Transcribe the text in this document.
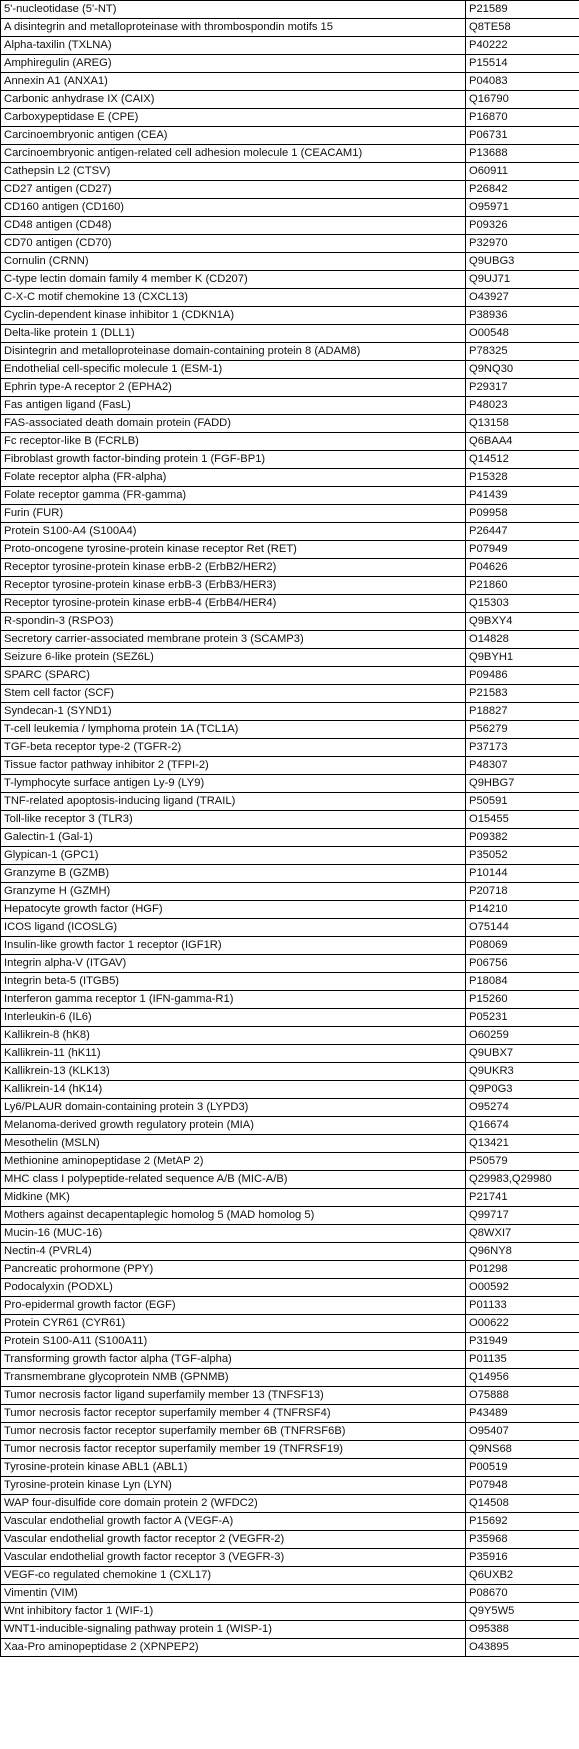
5'-nucleotidase (5'-NT)	P21589
A disintegrin and metalloproteinase with thrombospondin motifs 15	Q8TE58
Alpha-taxilin (TXLNA)	P40222
Amphiregulin (AREG)	P15514
Annexin A1 (ANXA1)	P04083
Carbonic anhydrase IX (CAIX)	Q16790
Carboxypeptidase E (CPE)	P16870
Carcinoembryonic antigen (CEA)	P06731
Carcinoembryonic antigen-related cell adhesion molecule 1 (CEACAM1)	P13688
Cathepsin L2 (CTSV)	O60911
CD27 antigen (CD27)	P26842
CD160 antigen (CD160)	O95971
CD48 antigen (CD48)	P09326
CD70 antigen (CD70)	P32970
Cornulin (CRNN)	Q9UBG3
C-type lectin domain family 4 member K (CD207)	Q9UJ71
C-X-C motif chemokine 13 (CXCL13)	O43927
Cyclin-dependent kinase inhibitor 1 (CDKN1A)	P38936
Delta-like protein 1 (DLL1)	O00548
Disintegrin and metalloproteinase domain-containing protein 8 (ADAM8)	P78325
Endothelial cell-specific molecule 1 (ESM-1)	Q9NQ30
Ephrin type-A receptor 2 (EPHA2)	P29317
Fas antigen ligand (FasL)	P48023
FAS-associated death domain protein (FADD)	Q13158
Fc receptor-like B (FCRLB)	Q6BAA4
Fibroblast growth factor-binding protein 1 (FGF-BP1)	Q14512
Folate receptor alpha (FR-alpha)	P15328
Folate receptor gamma (FR-gamma)	P41439
Furin (FUR)	P09958
Protein S100-A4 (S100A4)	P26447
Proto-oncogene tyrosine-protein kinase receptor Ret (RET)	P07949
Receptor tyrosine-protein kinase erbB-2 (ErbB2/HER2)	P04626
Receptor tyrosine-protein kinase erbB-3 (ErbB3/HER3)	P21860
Receptor tyrosine-protein kinase erbB-4 (ErbB4/HER4)	Q15303
R-spondin-3 (RSPO3)	Q9BXY4
Secretory carrier-associated membrane protein 3 (SCAMP3)	O14828
Seizure 6-like protein (SEZ6L)	Q9BYH1
SPARC (SPARC)	P09486
Stem cell factor (SCF)	P21583
Syndecan-1 (SYND1)	P18827
T-cell leukemia / lymphoma protein 1A (TCL1A)	P56279
TGF-beta receptor type-2 (TGFR-2)	P37173
Tissue factor pathway inhibitor 2 (TFPI-2)	P48307
T-lymphocyte surface antigen Ly-9 (LY9)	Q9HBG7
TNF-related apoptosis-inducing ligand (TRAIL)	P50591
Toll-like receptor 3 (TLR3)	O15455
Galectin-1 (Gal-1)	P09382
Glypican-1 (GPC1)	P35052
Granzyme B (GZMB)	P10144
Granzyme H (GZMH)	P20718
Hepatocyte growth factor (HGF)	P14210
ICOS ligand (ICOSLG)	O75144
Insulin-like growth factor 1 receptor (IGF1R)	P08069
Integrin alpha-V (ITGAV)	P06756
Integrin beta-5 (ITGB5)	P18084
Interferon gamma receptor 1 (IFN-gamma-R1)	P15260
Interleukin-6 (IL6)	P05231
Kallikrein-8 (hK8)	O60259
Kallikrein-11 (hK11)	Q9UBX7
Kallikrein-13 (KLK13)	Q9UKR3
Kallikrein-14 (hK14)	Q9P0G3
Ly6/PLAUR domain-containing protein 3 (LYPD3)	O95274
Melanoma-derived growth regulatory protein (MIA)	Q16674
Mesothelin (MSLN)	Q13421
Methionine aminopeptidase 2 (MetAP 2)	P50579
MHC class I polypeptide-related sequence A/B (MIC-A/B)	Q29983,Q29980
Midkine (MK)	P21741
Mothers against decapentaplegic homolog 5 (MAD homolog 5)	Q99717
Mucin-16 (MUC-16)	Q8WXI7
Nectin-4 (PVRL4)	Q96NY8
Pancreatic prohormone (PPY)	P01298
Podocalyxin (PODXL)	O00592
Pro-epidermal growth factor (EGF)	P01133
Protein CYR61 (CYR61)	O00622
Protein S100-A11 (S100A11)	P31949
Transforming growth factor alpha (TGF-alpha)	P01135
Transmembrane glycoprotein NMB (GPNMB)	Q14956
Tumor necrosis factor ligand superfamily member 13 (TNFSF13)	O75888
Tumor necrosis factor receptor superfamily member 4 (TNFRSF4)	P43489
Tumor necrosis factor receptor superfamily member 6B (TNFRSF6B)	O95407
Tumor necrosis factor receptor superfamily member 19 (TNFRSF19)	Q9NS68
Tyrosine-protein kinase ABL1 (ABL1)	P00519
Tyrosine-protein kinase Lyn (LYN)	P07948
WAP four-disulfide core domain protein 2 (WFDC2)	Q14508
Vascular endothelial growth factor A (VEGF-A)	P15692
Vascular endothelial growth factor receptor 2 (VEGFR-2)	P35968
Vascular endothelial growth factor receptor 3 (VEGFR-3)	P35916
VEGF-co regulated chemokine 1 (CXL17)	Q6UXB2
Vimentin (VIM)	P08670
Wnt inhibitory factor 1 (WIF-1)	Q9Y5W5
WNT1-inducible-signaling pathway protein 1 (WISP-1)	O95388
Xaa-Pro aminopeptidase 2 (XPNPEP2)	O43895
